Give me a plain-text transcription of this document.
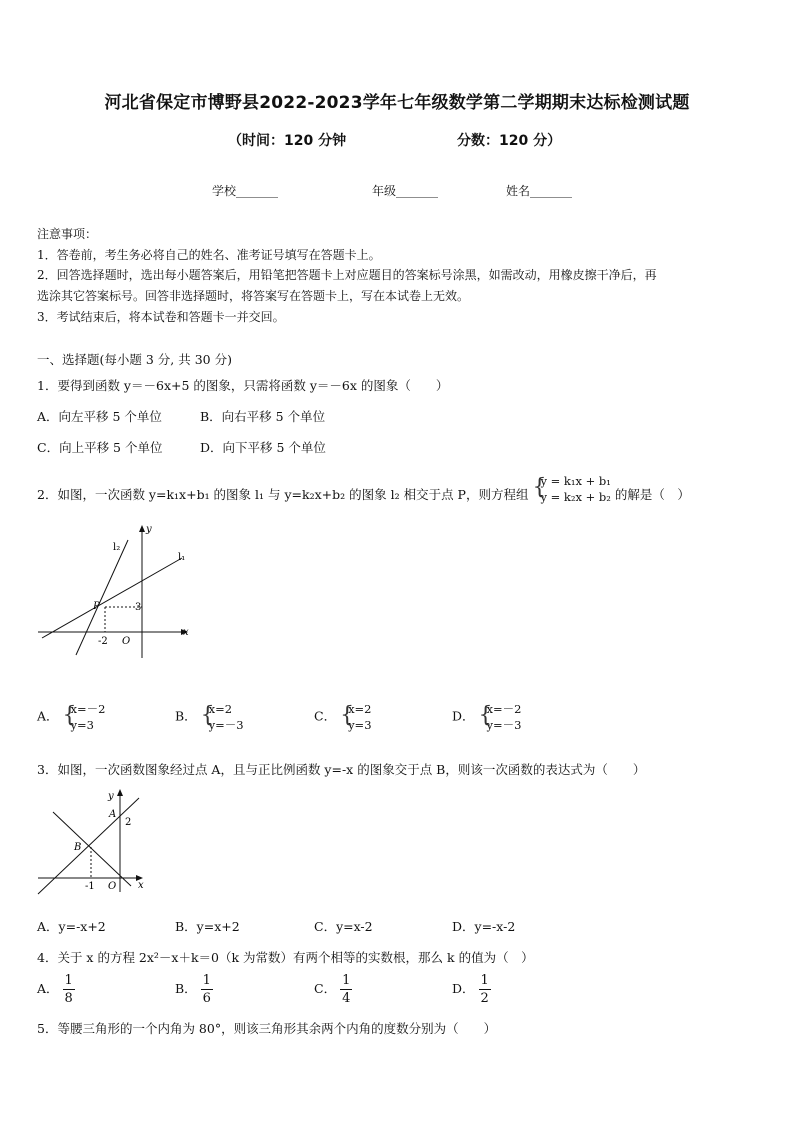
河北省保定市博野县2022-2023学年七年级数学第二学期期末达标检测试题
（时间：120 分钟	分数：120 分）
学校_______	年级_______	姓名_______
注意事项：
1．答卷前，考生务必将自己的姓名、准考证号填写在答题卡上。
2．回答选择题时，选出每小题答案后，用铅笔把答题卡上对应题目的答案标号涂黑，如需改动，用橡皮擦干净后，再
选涂其它答案标号。回答非选择题时，将答案写在答题卡上，写在本试卷上无效。
3．考试结束后，将本试卷和答题卡一并交回。
一、选择题(每小题 3 分, 共 30 分)
1．要得到函数 y＝－6x+5 的图象，只需将函数 y＝－6x 的图象（　　）
A．向左平移 5 个单位	B．向右平移 5 个单位
C．向上平移 5 个单位	D．向下平移 5 个单位
2．如图，一次函数 y=k₁x+b₁ 的图象 l₁ 与 y=k₂x+b₂ 的图象 l₂ 相交于点 P，则方程组 {
y = k₁x + b₁
y = k₂x + b₂ 的解是（　）
l₂
l₁
y
x
P	3
-2 O
A． {
x=－2
y=3
B． {
x=2
y=－3
C． {
x=2
y=3
D． {
x=－2
y=－3
3．如图，一次函数图象经过点 A，且与正比例函数 y=-x 的图象交于点 B，则该一次函数的表达式为（　　）
y
A
2
B
-1 O x
A．y=-x+2	B．y=x+2	C．y=x-2	D．y=-x-2
4．关于 x 的方程 2x²－x＋k＝0（k 为常数）有两个相等的实数根，那么 k 的值为（　）
A． $\frac{1}{8}$	B． $\frac{1}{6}$	C． $\frac{1}{4}$	D． $\frac{1}{2}$
5．等腰三角形的一个内角为 80°，则该三角形其余两个内角的度数分别为（　　）
